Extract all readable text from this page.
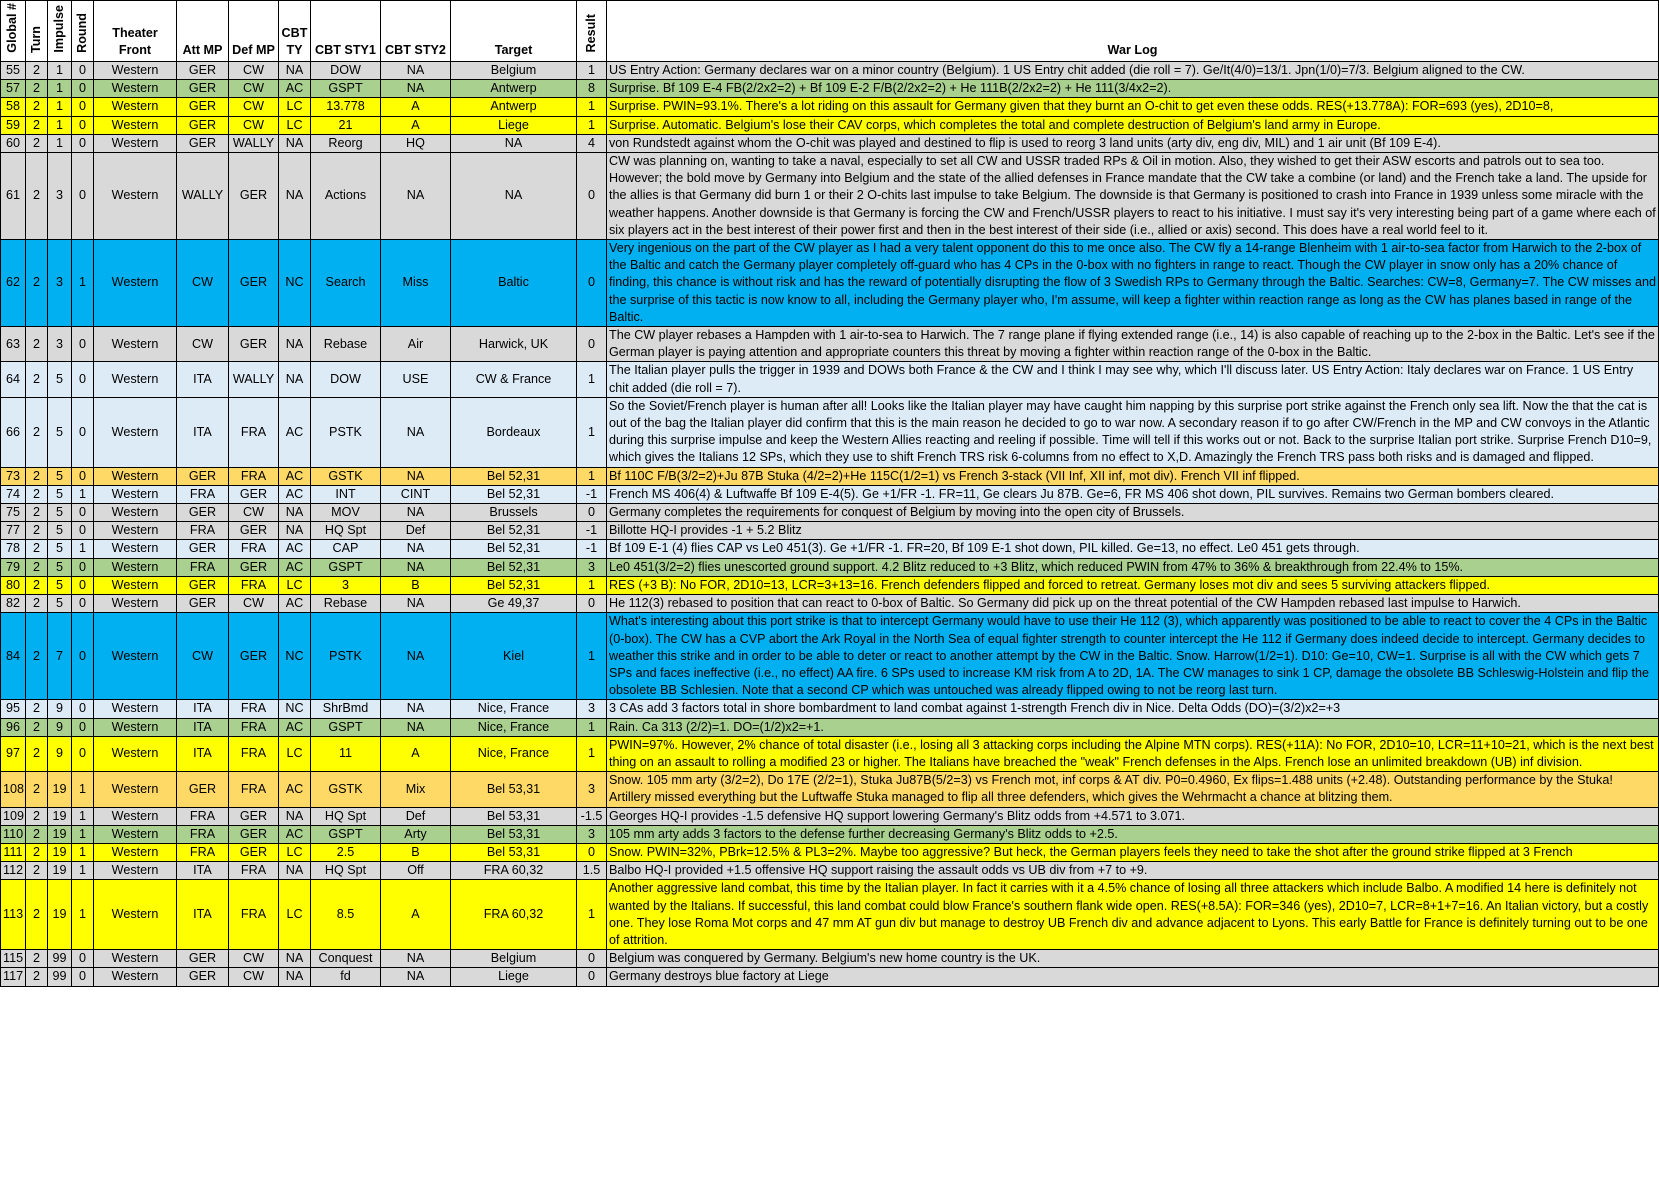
Global #	Turn	Impulse	Round	Theater Front	Att MP	Def MP	CBT TY	CBT STY1	CBT STY2	Target	Result	War Log
55	2	1	0	Western	GER	CW	NA	DOW	NA	Belgium	1	US Entry Action: Germany declares war on a minor country (Belgium). 1 US Entry chit added (die roll = 7). Ge/It(4/0)=13/1. Jpn(1/0)=7/3. Belgium aligned to the CW.
57	2	1	0	Western	GER	CW	AC	GSPT	NA	Antwerp	8	Surprise. Bf 109 E-4 FB(2/2x2=2) + Bf 109 E-2 F/B(2/2x2=2) + He 111B(2/2x2=2) + He 111(3/4x2=2).
58	2	1	0	Western	GER	CW	LC	13.778	A	Antwerp	1	Surprise. PWIN=93.1%. There's a lot riding on this assault for Germany given that they burnt an O-chit to get even these odds. RES(+13.778A): FOR=693 (yes), 2D10=8,
59	2	1	0	Western	GER	CW	LC	21	A	Liege	1	Surprise. Automatic. Belgium's lose their CAV corps, which completes the total and complete destruction of Belgium's land army in Europe.
60	2	1	0	Western	GER	WALLY	NA	Reorg	HQ	NA	4	von Rundstedt against whom the O-chit was played and destined to flip is used to reorg 3 land units (arty div, eng div, MIL) and 1 air unit (Bf 109 E-4).
61	2	3	0	Western	WALLY	GER	NA	Actions	NA	NA	0	CW was planning on, wanting to take a naval, especially to set all CW and USSR traded RPs & Oil in motion. Also, they wished to get their ASW escorts and patrols out to sea too. However; the bold move by Germany into Belgium and the state of the allied defenses in France mandate that the CW take a combine (or land) and the French take a land. The upside for the allies is that Germany did burn 1 or their 2 O-chits last impulse to take Belgium. The downside is that Germany is positioned to crash into France in 1939 unless some miracle with the weather happens. Another downside is that Germany is forcing the CW and French/USSR players to react to his initiative. I must say it's very interesting being part of a game where each of six players act in the best interest of their power first and then in the best interest of their side (i.e., allied or axis) second. This does have a real world feel to it.
62	2	3	1	Western	CW	GER	NC	Search	Miss	Baltic	0	Very ingenious on the part of the CW player as I had a very talent opponent do this to me once also. The CW fly a 14-range Blenheim with 1 air-to-sea factor from Harwich to the 2-box of the Baltic and catch the Germany player completely off-guard who has 4 CPs in the 0-box with no fighters in range to react. Though the CW player in snow only has a 20% chance of finding, this chance is without risk and has the reward of potentially disrupting the flow of 3 Swedish RPs to Germany through the Baltic. Searches: CW=8, Germany=7. The CW misses and the surprise of this tactic is now know to all, including the Germany player who, I'm assume, will keep a fighter within reaction range as long as the CW has planes based in range of the Baltic.
63	2	3	0	Western	CW	GER	NA	Rebase	Air	Harwick, UK	0	The CW player rebases a Hampden with 1 air-to-sea to Harwich. The 7 range plane if flying extended range (i.e., 14) is also capable of reaching up to the 2-box in the Baltic. Let's see if the German player is paying attention and appropriate counters this threat by moving a fighter within reaction range of the 0-box in the Baltic.
64	2	5	0	Western	ITA	WALLY	NA	DOW	USE	CW & France	1	The Italian player pulls the trigger in 1939 and DOWs both France & the CW and I think I may see why, which I'll discuss later. US Entry Action: Italy declares war on France. 1 US Entry chit added (die roll = 7).
66	2	5	0	Western	ITA	FRA	AC	PSTK	NA	Bordeaux	1	So the Soviet/French player is human after all! Looks like the Italian player may have caught him napping by this surprise port strike against the French only sea lift. Now the that the cat is out of the bag the Italian player did confirm that this is the main reason he decided to go to war now. A secondary reason if to go after CW/French in the MP and CW convoys in the Atlantic during this surprise impulse and keep the Western Allies reacting and reeling if possible. Time will tell if this works out or not. Back to the surprise Italian port strike. Surprise French D10=9, which gives the Italians 12 SPs, which they use to shift French TRS risk 6-columns from no effect to X,D. Amazingly the French TRS pass both risks and is damaged and flipped.
73	2	5	0	Western	GER	FRA	AC	GSTK	NA	Bel 52,31	1	Bf 110C F/B(3/2=2)+Ju 87B Stuka (4/2=2)+He 115C(1/2=1) vs French 3-stack (VII Inf, XII inf, mot div). French VII inf flipped.
74	2	5	1	Western	FRA	GER	AC	INT	CINT	Bel 52,31	-1	French MS 406(4) & Luftwaffe Bf 109 E-4(5). Ge +1/FR -1. FR=11, Ge clears Ju 87B. Ge=6, FR MS 406 shot down, PIL survives. Remains two German bombers cleared.
75	2	5	0	Western	GER	CW	NA	MOV	NA	Brussels	0	Germany completes the requirements for conquest of Belgium by moving into the open city of Brussels.
77	2	5	0	Western	FRA	GER	NA	HQ Spt	Def	Bel 52,31	-1	Billotte HQ-I provides -1 + 5.2 Blitz
78	2	5	1	Western	GER	FRA	AC	CAP	NA	Bel 52,31	-1	Bf 109 E-1 (4) flies CAP vs Le0 451(3). Ge +1/FR -1. FR=20, Bf 109 E-1 shot down, PIL killed. Ge=13, no effect. Le0 451 gets through.
79	2	5	0	Western	FRA	GER	AC	GSPT	NA	Bel 52,31	3	Le0 451(3/2=2) flies unescorted ground support. 4.2 Blitz reduced to +3 Blitz, which reduced PWIN from 47% to 36% & breakthrough from 22.4% to 15%.
80	2	5	0	Western	GER	FRA	LC	3	B	Bel 52,31	1	RES (+3 B): No FOR, 2D10=13, LCR=3+13=16. French defenders flipped and forced to retreat. Germany loses mot div and sees 5 surviving attackers flipped.
82	2	5	0	Western	GER	CW	AC	Rebase	NA	Ge 49,37	0	He 112(3) rebased to position that can react to 0-box of Baltic. So Germany did pick up on the threat potential of the CW Hampden rebased last impulse to Harwich.
84	2	7	0	Western	CW	GER	NC	PSTK	NA	Kiel	1	What's interesting about this port strike is that to intercept Germany would have to use their He 112 (3), which apparently was positioned to be able to react to cover the 4 CPs in the Baltic (0-box). The CW has a CVP abort the Ark Royal in the North Sea of equal fighter strength to counter intercept the He 112 if Germany does indeed decide to intercept. Germany decides to weather this strike and in order to be able to deter or react to another attempt by the CW in the Baltic. Snow. Harrow(1/2=1). D10: Ge=10, CW=1. Surprise is all with the CW which gets 7 SPs and faces ineffective (i.e., no effect) AA fire. 6 SPs used to increase KM risk from A to 2D, 1A. The CW manages to sink 1 CP, damage the obsolete BB Schleswig-Holstein and flip the obsolete BB Schlesien. Note that a second CP which was untouched was already flipped owing to not be reorg last turn.
95	2	9	0	Western	ITA	FRA	NC	ShrBmd	NA	Nice, France	3	3 CAs add 3 factors total in shore bombardment to land combat against 1-strength French div in Nice. Delta Odds (DO)=(3/2)x2=+3
96	2	9	0	Western	ITA	FRA	AC	GSPT	NA	Nice, France	1	Rain. Ca 313 (2/2)=1. DO=(1/2)x2=+1.
97	2	9	0	Western	ITA	FRA	LC	11	A	Nice, France	1	PWIN=97%. However, 2% chance of total disaster (i.e., losing all 3 attacking corps including the Alpine MTN corps). RES(+11A): No FOR, 2D10=10, LCR=11+10=21, which is the next best thing on an assault to rolling a modified 23 or higher. The Italians have breached the "weak" French defenses in the Alps. French lose an unlimited breakdown (UB) inf division.
108	2	19	1	Western	GER	FRA	AC	GSTK	Mix	Bel 53,31	3	Snow. 105 mm arty (3/2=2), Do 17E (2/2=1), Stuka Ju87B(5/2=3) vs French mot, inf corps & AT div. P0=0.4960, Ex flips=1.488 units (+2.48). Outstanding performance by the Stuka! Artillery missed everything but the Luftwaffe Stuka managed to flip all three defenders, which gives the Wehrmacht a chance at blitzing them.
109	2	19	1	Western	FRA	GER	NA	HQ Spt	Def	Bel 53,31	-1.5	Georges HQ-I provides -1.5 defensive HQ support lowering Germany's Blitz odds from +4.571 to 3.071.
110	2	19	1	Western	FRA	GER	AC	GSPT	Arty	Bel 53,31	3	105 mm arty adds 3 factors to the defense further decreasing Germany's Blitz odds to +2.5.
111	2	19	1	Western	FRA	GER	LC	2.5	B	Bel 53,31	0	Snow. PWIN=32%, PBrk=12.5% & PL3=2%. Maybe too aggressive? But heck, the German players feels they need to take the shot after the ground strike flipped at 3 French
112	2	19	1	Western	ITA	FRA	NA	HQ Spt	Off	FRA 60,32	1.5	Balbo HQ-I provided +1.5 offensive HQ support raising the assault odds vs UB div from +7 to +9.
113	2	19	1	Western	ITA	FRA	LC	8.5	A	FRA 60,32	1	Another aggressive land combat, this time by the Italian player. In fact it carries with it a 4.5% chance of losing all three attackers which include Balbo. A modified 14 here is definitely not wanted by the Italians. If successful, this land combat could blow France's southern flank wide open. RES(+8.5A): FOR=346 (yes), 2D10=7, LCR=8+1+7=16. An Italian victory, but a costly one. They lose Roma Mot corps and 47 mm AT gun div but manage to destroy UB French div and advance adjacent to Lyons. This early Battle for France is definitely turning out to be one of attrition.
115	2	99	0	Western	GER	CW	NA	Conquest	NA	Belgium	0	Belgium was conquered by Germany. Belgium's new home country is the UK.
117	2	99	0	Western	GER	CW	NA	fd	NA	Liege	0	Germany destroys blue factory at Liege
